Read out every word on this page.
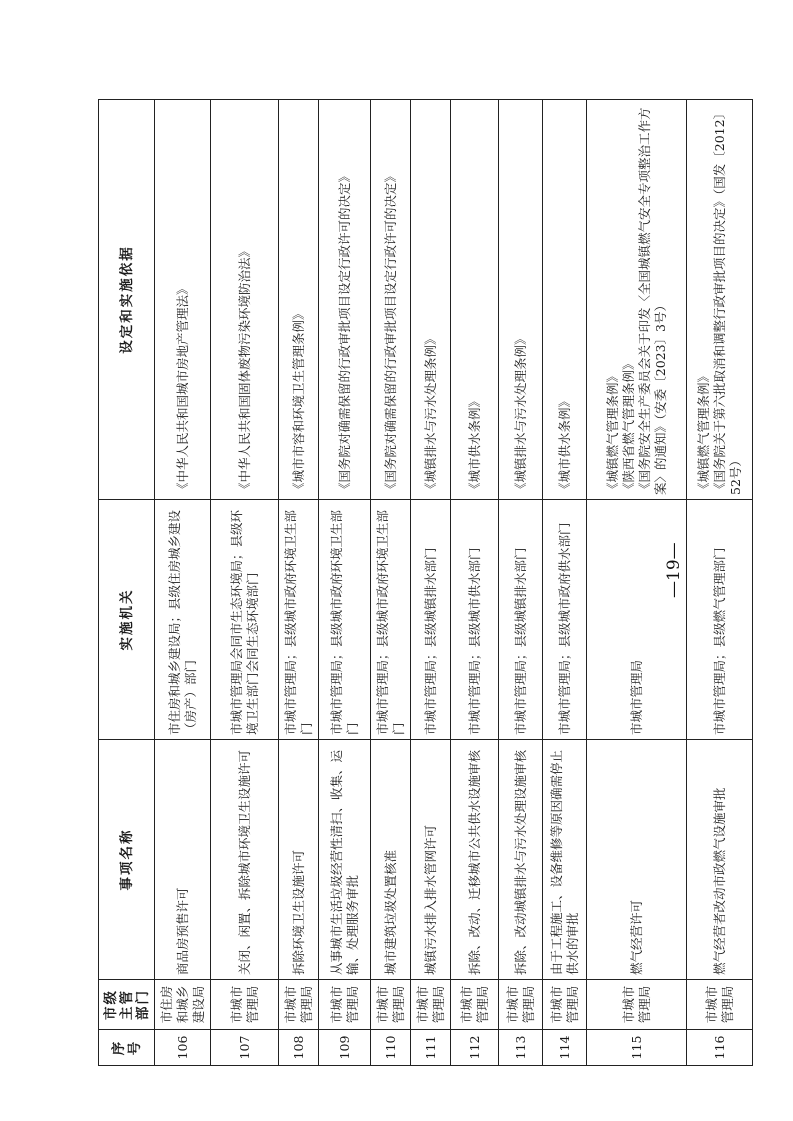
序号	市级主管部门	事项名称	实施机关	设定和实施依据
106	市住房和城乡建设局	商品房预售许可	市住房和城乡建设局；县级住房城乡建设（房产）部门	《中华人民共和国城市房地产管理法》

107	市城市管理局	关闭、闲置、拆除城市环境卫生设施许可	市城市管理局会同市生态环境局；县级环境卫生部门会同生态环境部门	《中华人民共和国固体废物污染环境防治法》

108	市城市管理局	拆除环境卫生设施许可	市城市管理局；县级城市政府环境卫生部门	《城市市容和环境卫生管理条例》

109	市城市管理局	从事城市生活垃圾经营性清扫、收集、运输、处理服务审批	市城市管理局；县级城市政府环境卫生部门	《国务院对确需保留的行政审批项目设定行政许可的决定》

110	市城市管理局	城市建筑垃圾处置核准	市城市管理局；县级城市政府环境卫生部门	《国务院对确需保留的行政审批项目设定行政许可的决定》

111	市城市管理局	城镇污水排入排水管网许可	市城市管理局；县级城镇排水部门	《城镇排水与污水处理条例》

112	市城市管理局	拆除、改动、迁移城市公共供水设施审核	市城市管理局；县级城市供水部门	《城市供水条例》

113	市城市管理局	拆除、改动城镇排水与污水处理设施审核	市城市管理局；县级城镇排水部门	《城镇排水与污水处理条例》

114	市城市管理局	由于工程施工、设备维修等原因确需停止供水的审批	市城市管理局；县级城市政府供水部门	《城市供水条例》

115	市城市管理局	燃气经营许可	市城市管理局	《城镇燃气管理条例》 《陕西省燃气管理条例》 《国务院安全生产委员会关于印发〈全国城镇燃气安全专项整治工作方案〉的通知》（安委〔2023〕3号）

116	市城市管理局	燃气经营者改动市政燃气设施审批	市城市管理局；县级燃气管理部门	《城镇燃气管理条例》 《国务院关于第六批取消和调整行政审批项目的决定》（国发〔2012〕52号）
—19—
